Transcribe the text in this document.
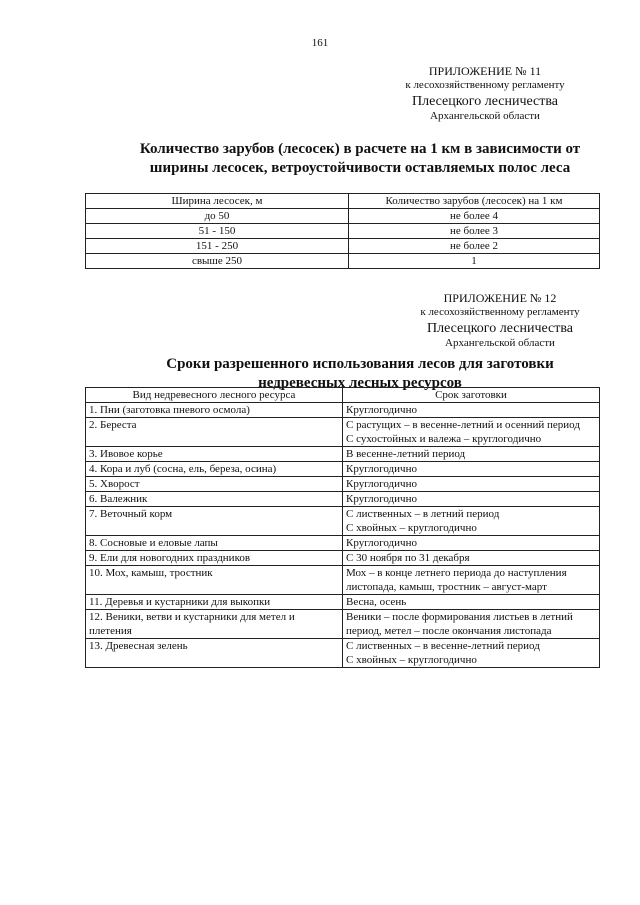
161
ПРИЛОЖЕНИЕ № 11
к лесохозяйственному регламенту
Плесецкого лесничества
Архангельской области
Количество зарубов (лесосек) в расчете на 1 км в зависимости от
ширины лесосек, ветроустойчивости оставляемых полос леса
Ширина лесосек, м	Количество зарубов (лесосек) на 1 км
до 50	не более 4
51 - 150	не более 3
151 - 250	не более 2
свыше 250	1
ПРИЛОЖЕНИЕ № 12
к лесохозяйственному регламенту
Плесецкого лесничества
Архангельской области
Сроки разрешенного использования лесов для заготовки
недревесных лесных ресурсов
Вид недревесного лесного ресурса	Срок заготовки
1. Пни (заготовка пневого осмола)	Круглогодично

2. Береста	С растущих – в весенне-летний и осенний период
С сухостойных и валежа – круглогодично

3. Ивовое корье	В весенне-летний период

4. Кора и луб (сосна, ель, береза, осина)	Круглогодично

5. Хворост	Круглогодично

6. Валежник	Круглогодично

7. Веточный корм	С лиственных – в летний период
С хвойных – круглогодично

8. Сосновые и еловые лапы	Круглогодично

9. Ели для новогодних праздников	С 30 ноября по 31 декабря

10. Мох, камыш, тростник	Мох – в конце летнего периода до наступления листопада, камыш, тростник – август-март

11. Деревья и кустарники для выкопки	Весна, осень

12. Веники, ветви и кустарники для метел и плетения	Веники – после формирования листьев в летний период, метел – после окончания листопада

13. Древесная зелень	С лиственных – в весенне-летний период
С хвойных – круглогодично
